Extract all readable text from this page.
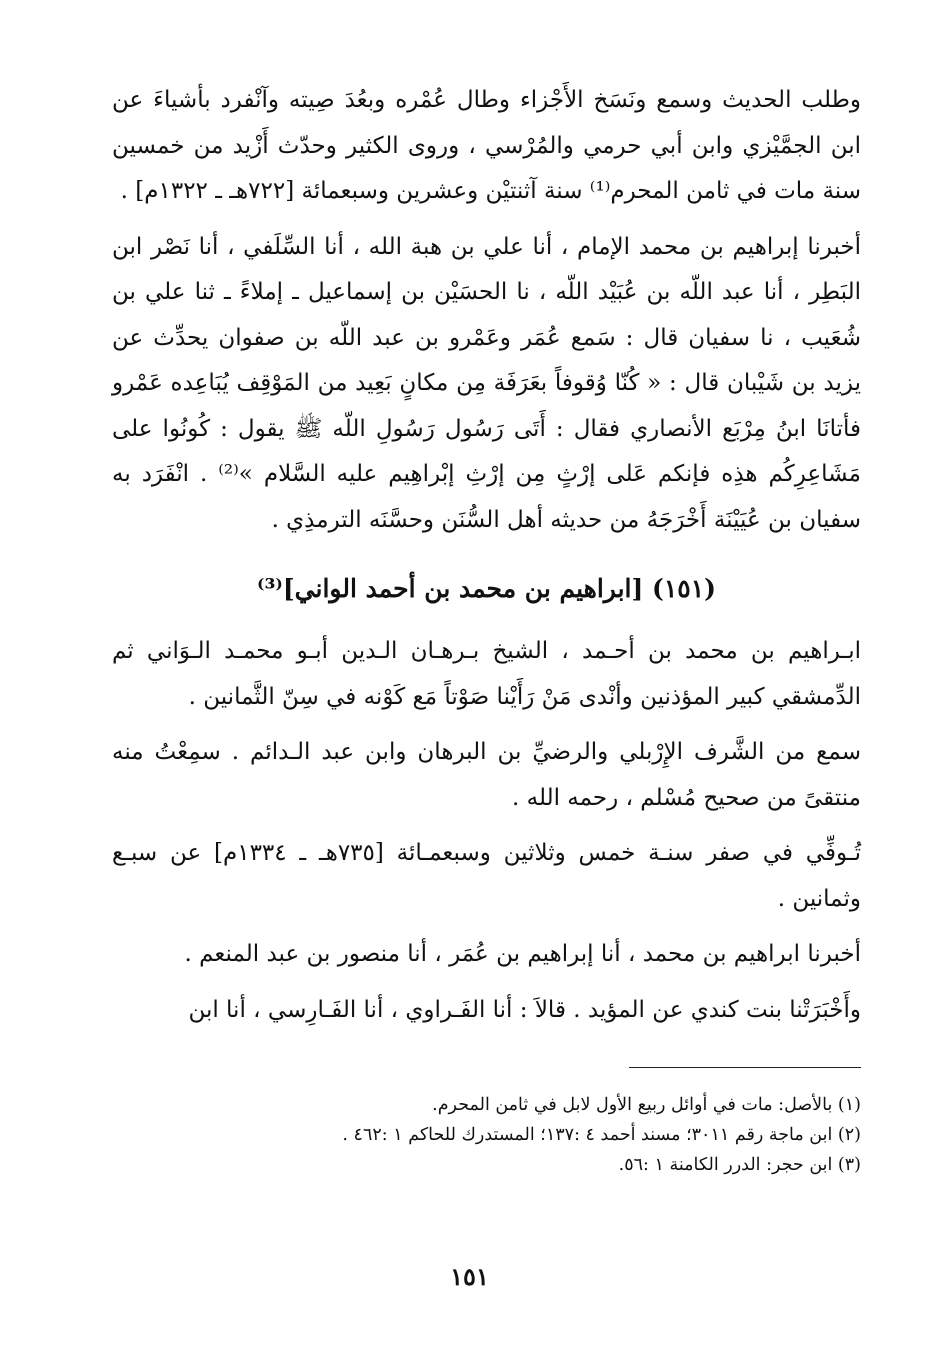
وطلب الحديث وسمع ونَسَخ الأَجْزاء وطال عُمْره وبعُدَ صِيته وآنْفرد بأشياءَ عن ابن الجمَّيْزي وابن أبي حرمي والمُرْسي ، وروى الكثير وحدّث أَزْيد من خمسين سنة مات في ثامن المحرم⁽¹⁾ سنة آثنتيْن وعشرين وسبعمائة [٧٢٢هـ ـ ١٣٢٢م] .

أخبرنا إبراهيم بن محمد الإمام ، أنا علي بن هبة الله ، أنا السِّلَفي ، أنا نَصْر ابن البَطِر ، أنا عبد اللّه بن عُبَيْد اللّه ، نا الحسَيْن بن إسماعيل ـ إملاءً ـ ثنا علي بن شُعَيب ، نا سفيان قال : سَمع عُمَر وعَمْرو بن عبد اللّه بن صفوان يحدِّث عن يزيد بن شَيْبان قال : « كُنّا وُقوفاً بعَرَفَة مِن مكانٍ بَعِيد من المَوْقِف يُبَاعِده عَمْرو فأتانَا ابنُ مِرْبَع الأنصاري فقال : أَتَى رَسُول رَسُولِ اللّه ﷺ يقول : كُونُوا على مَشَاعِرِكُم هذِه فإنكم عَلى إرْثٍ مِن إرْثِ إبْراهِيم عليه السَّلام »⁽²⁾ . انْفَرَد به سفيان بن عُيَيْنَة أَخْرَجَهُ من حديثه أهل السُّنَن وحسَّنَه الترمذِي .

(١٥١) [ابراهيم بن محمد بن أحمد الواني]⁽³⁾

ابـراهيم بن محمد بن أحـمد ، الشيخ بـرهـان الـدين أبـو محمـد الـوَاني ثم الدِّمشقي كبير المؤذنين وأنْدى مَنْ رَأَيْنا صَوْتاً مَع كَوْنه في سِنّ الثَّمانين .

سمع من الشَّرف الإِرْبلي والرضيِّ بن البرهان وابن عبد الـدائم . سمِعْتُ منه منتقىً من صحيح مُسْلم ، رحمه الله .

تُـوفِّي في صفر سنـة خمس وثلاثين وسبعمـائة [٧٣٥هـ ـ ١٣٣٤م] عن سبـع وثمانين .

أخبرنا ابراهيم بن محمد ، أنا إبراهيم بن عُمَر ، أنا منصور بن عبد المنعم .

وأَخْبَرَتْنا بنت كندي عن المؤيد . قالاَ : أنا الفَـراوي ، أنا الفَـارِسي ، أنا ابن

(١) بالأصل: مات في أوائل ربيع الأول لابل في ثامن المحرم.

(٢) ابن ماجة رقم ٣٠١١؛ مسند أحمد ٤ :١٣٧؛ المستدرك للحاكم ١ :٤٦٢ .

(٣) ابن حجر: الدرر الكامنة ١ :٥٦.

١٥١
